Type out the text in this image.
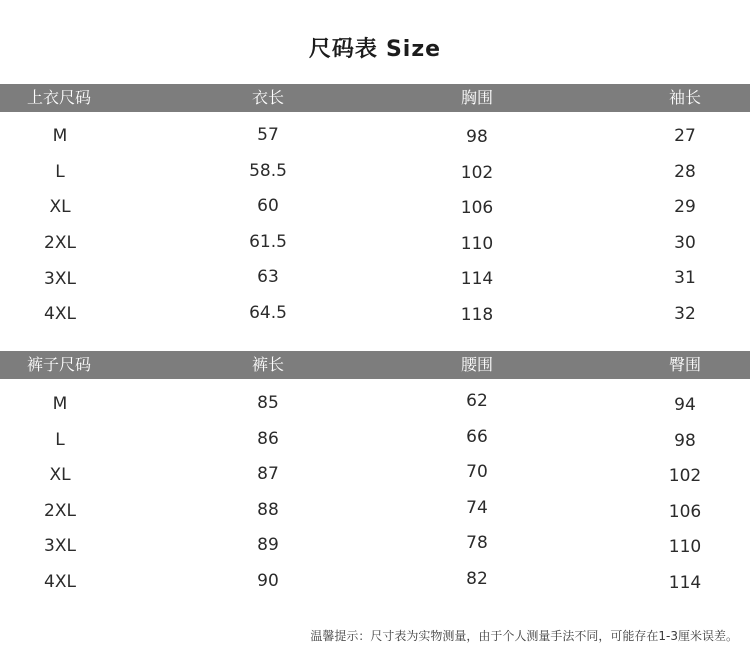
尺码表 Size
上衣尺码	衣长	胸围	袖长
M	57	98	27
L	58.5	102	28
XL	60	106	29
2XL	61.5	110	30
3XL	63	114	31
4XL	64.5	118	32
裤子尺码	裤长	腰围	臀围
M	85	62	94
L	86	66	98
XL	87	70	102
2XL	88	74	106
3XL	89	78	110
4XL	90	82	114
温馨提示：尺寸表为实物测量，由于个人测量手法不同，可能存在1-3厘米误差。
